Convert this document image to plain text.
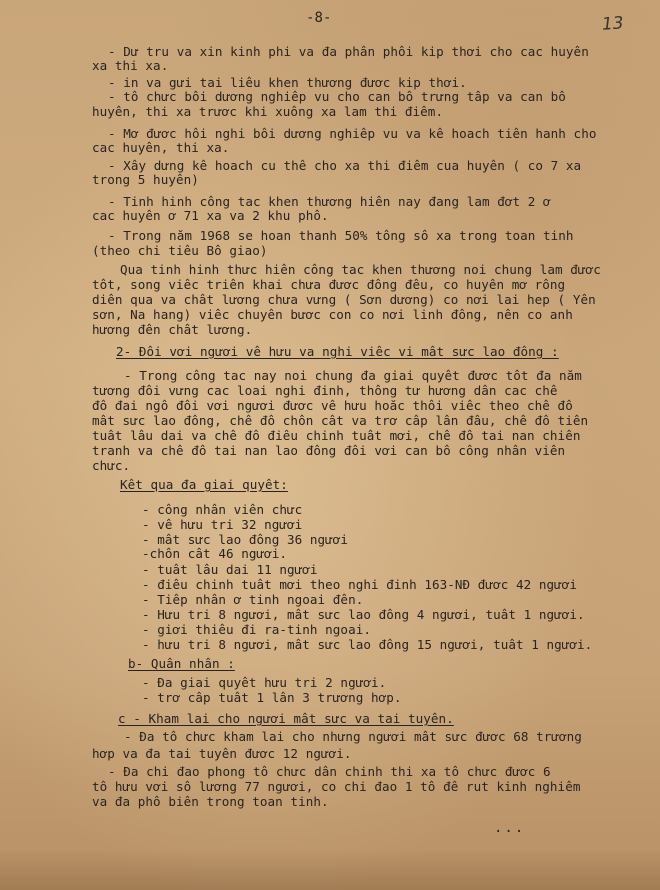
-8-	13
- Dư tru va xin kinh phi va đa phân phôi kip thơi cho cac huyên
xa thi xa.
- in va gưi tai liêu khen thương đươc kip thơi.
- tô chưc bôi dương nghiêp vu cho can bô trưng tâp va can bô
huyên, thi xa trươc khi xuông xa lam thi điêm.
- Mơ đươc hôi nghi bôi dương nghiêp vu va kê hoach tiên hanh cho
cac huyên, thi xa.
- Xây dưng kê hoach cu thê cho xa thi điêm cua huyên ( co 7 xa
trong 5 huyên)
- Tinh hinh công tac khen thương hiên nay đang lam đơt 2 ơ
cac huyên ơ 71 xa va 2 khu phô.
- Trong năm 1968 se hoan thanh 50% tông sô xa trong toan tinh
(theo chi tiêu Bô giao)
Qua tinh hinh thưc hiên công tac khen thương noi chung lam đươc
tôt, song viêc triên khai chưa đươc đông đêu, co huyên mơ rông
diên qua va chât lương chưa vưng ( Sơn dương) co nơi lai hep ( Yên
sơn, Na hang) viêc chuyên bươc con co nơi linh đông, nên co anh
hương đên chât lương.
2- Đôi vơi ngươi vê hưu va nghi viêc vi mât sưc lao đông :
- Trong công tac nay noi chung đa giai quyêt đươc tôt đa năm
tương đôi vưng cac loai nghi đinh, thông tư hương dân cac chê
đô đai ngô đôi vơi ngươi đươc vê hưu hoăc thôi viêc theo chê đô
mât sưc lao đông, chê đô chôn cât va trơ câp lân đâu, chê đô tiên
tuât lâu dai va chê đô điêu chinh tuât mơi, chê đô tai nan chiên
tranh va chê đô tai nan lao đông đôi vơi can bô công nhân viên
chưc.
Kêt qua đa giai quyêt:
- công nhân viên chưc
- vê hưu tri 32 ngươi
- mât sưc lao đông 36 ngươi
-chôn cât 46 ngươi.
- tuât lâu dai 11 ngươi
- điêu chinh tuât mơi theo nghi đinh 163-NĐ đươc 42 ngươi
- Tiêp nhân ơ tinh ngoai đên.
- Hưu tri 8 ngươi, mât sưc lao đông 4 ngươi, tuât 1 ngươi.
- giơi thiêu đi ra-tinh ngoai.
- hưu tri 8 ngươi, mât sưc lao đông 15 ngươi, tuât 1 ngươi.
b- Quân nhân :
- Đa giai quyêt hưu tri 2 ngươi.
- trơ câp tuât 1 lân 3 trương hơp.
c - Kham lai cho ngươi mât sưc va tai tuyên.
- Đa tô chưc kham lai cho nhưng ngươi mât sưc đươc 68 trương
hơp va đa tai tuyên đươc 12 ngươi.
- Đa chi đao phong tô chưc dân chinh thi xa tô chưc đươc 6
tô hưu vơi sô lương 77 ngươi, co chi đao 1 tô đê rut kinh nghiêm
va đa phô biên trong toan tinh.
...
